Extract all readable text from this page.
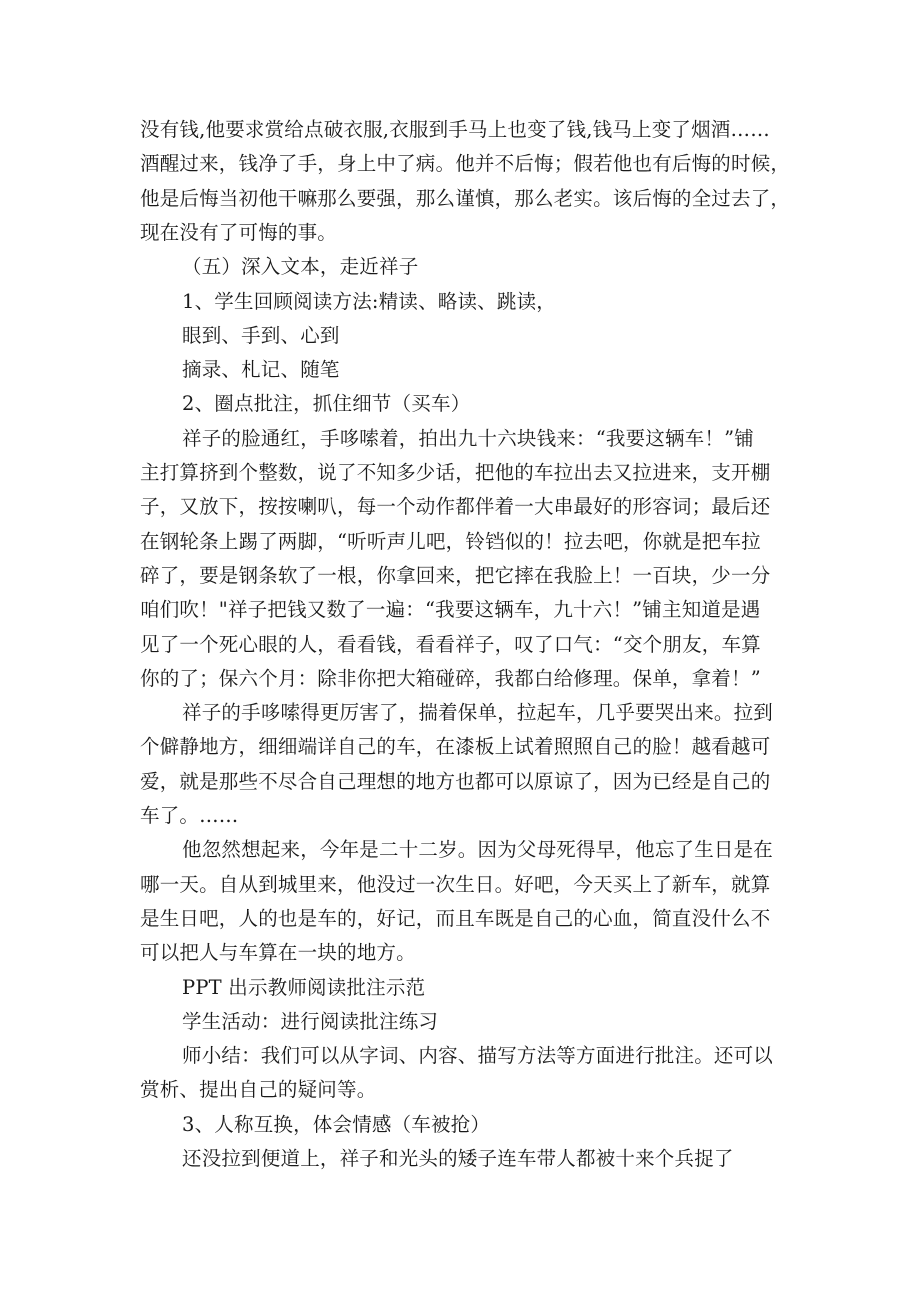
没有钱,他要求赏给点破衣服,衣服到手马上也变了钱,钱马上变了烟酒……
酒醒过来，钱净了手，身上中了病。他并不后悔；假若他也有后悔的时候，
他是后悔当初他干嘛那么要强，那么谨慎，那么老实。该后悔的全过去了，
现在没有了可悔的事。
（五）深入文本，走近祥子
1、学生回顾阅读方法:精读、略读、跳读，
眼到、手到、心到
摘录、札记、随笔
2、圈点批注，抓住细节（买车）
祥子的脸通红，手哆嗦着，拍出九十六块钱来：“我要这辆车！”铺
主打算挤到个整数，说了不知多少话，把他的车拉出去又拉进来，支开棚
子，又放下，按按喇叭，每一个动作都伴着一大串最好的形容词；最后还
在钢轮条上踢了两脚，“听听声儿吧，铃铛似的！拉去吧，你就是把车拉
碎了，要是钢条软了一根，你拿回来，把它摔在我脸上！一百块，少一分
咱们吹！"祥子把钱又数了一遍：“我要这辆车，九十六！”铺主知道是遇
见了一个死心眼的人，看看钱，看看祥子，叹了口气：“交个朋友，车算
你的了；保六个月：除非你把大箱碰碎，我都白给修理。保单，拿着！”
祥子的手哆嗦得更厉害了，揣着保单，拉起车，几乎要哭出来。拉到
个僻静地方，细细端详自己的车，在漆板上试着照照自己的脸！越看越可
爱，就是那些不尽合自己理想的地方也都可以原谅了，因为已经是自己的
车了。……
他忽然想起来，今年是二十二岁。因为父母死得早，他忘了生日是在
哪一天。自从到城里来，他没过一次生日。好吧，今天买上了新车，就算
是生日吧，人的也是车的，好记，而且车既是自己的心血，简直没什么不
可以把人与车算在一块的地方。
PPT 出示教师阅读批注示范
学生活动：进行阅读批注练习
师小结：我们可以从字词、内容、描写方法等方面进行批注。还可以
赏析、提出自己的疑问等。
3、人称互换，体会情感（车被抢）
还没拉到便道上，祥子和光头的矮子连车带人都被十来个兵捉了
